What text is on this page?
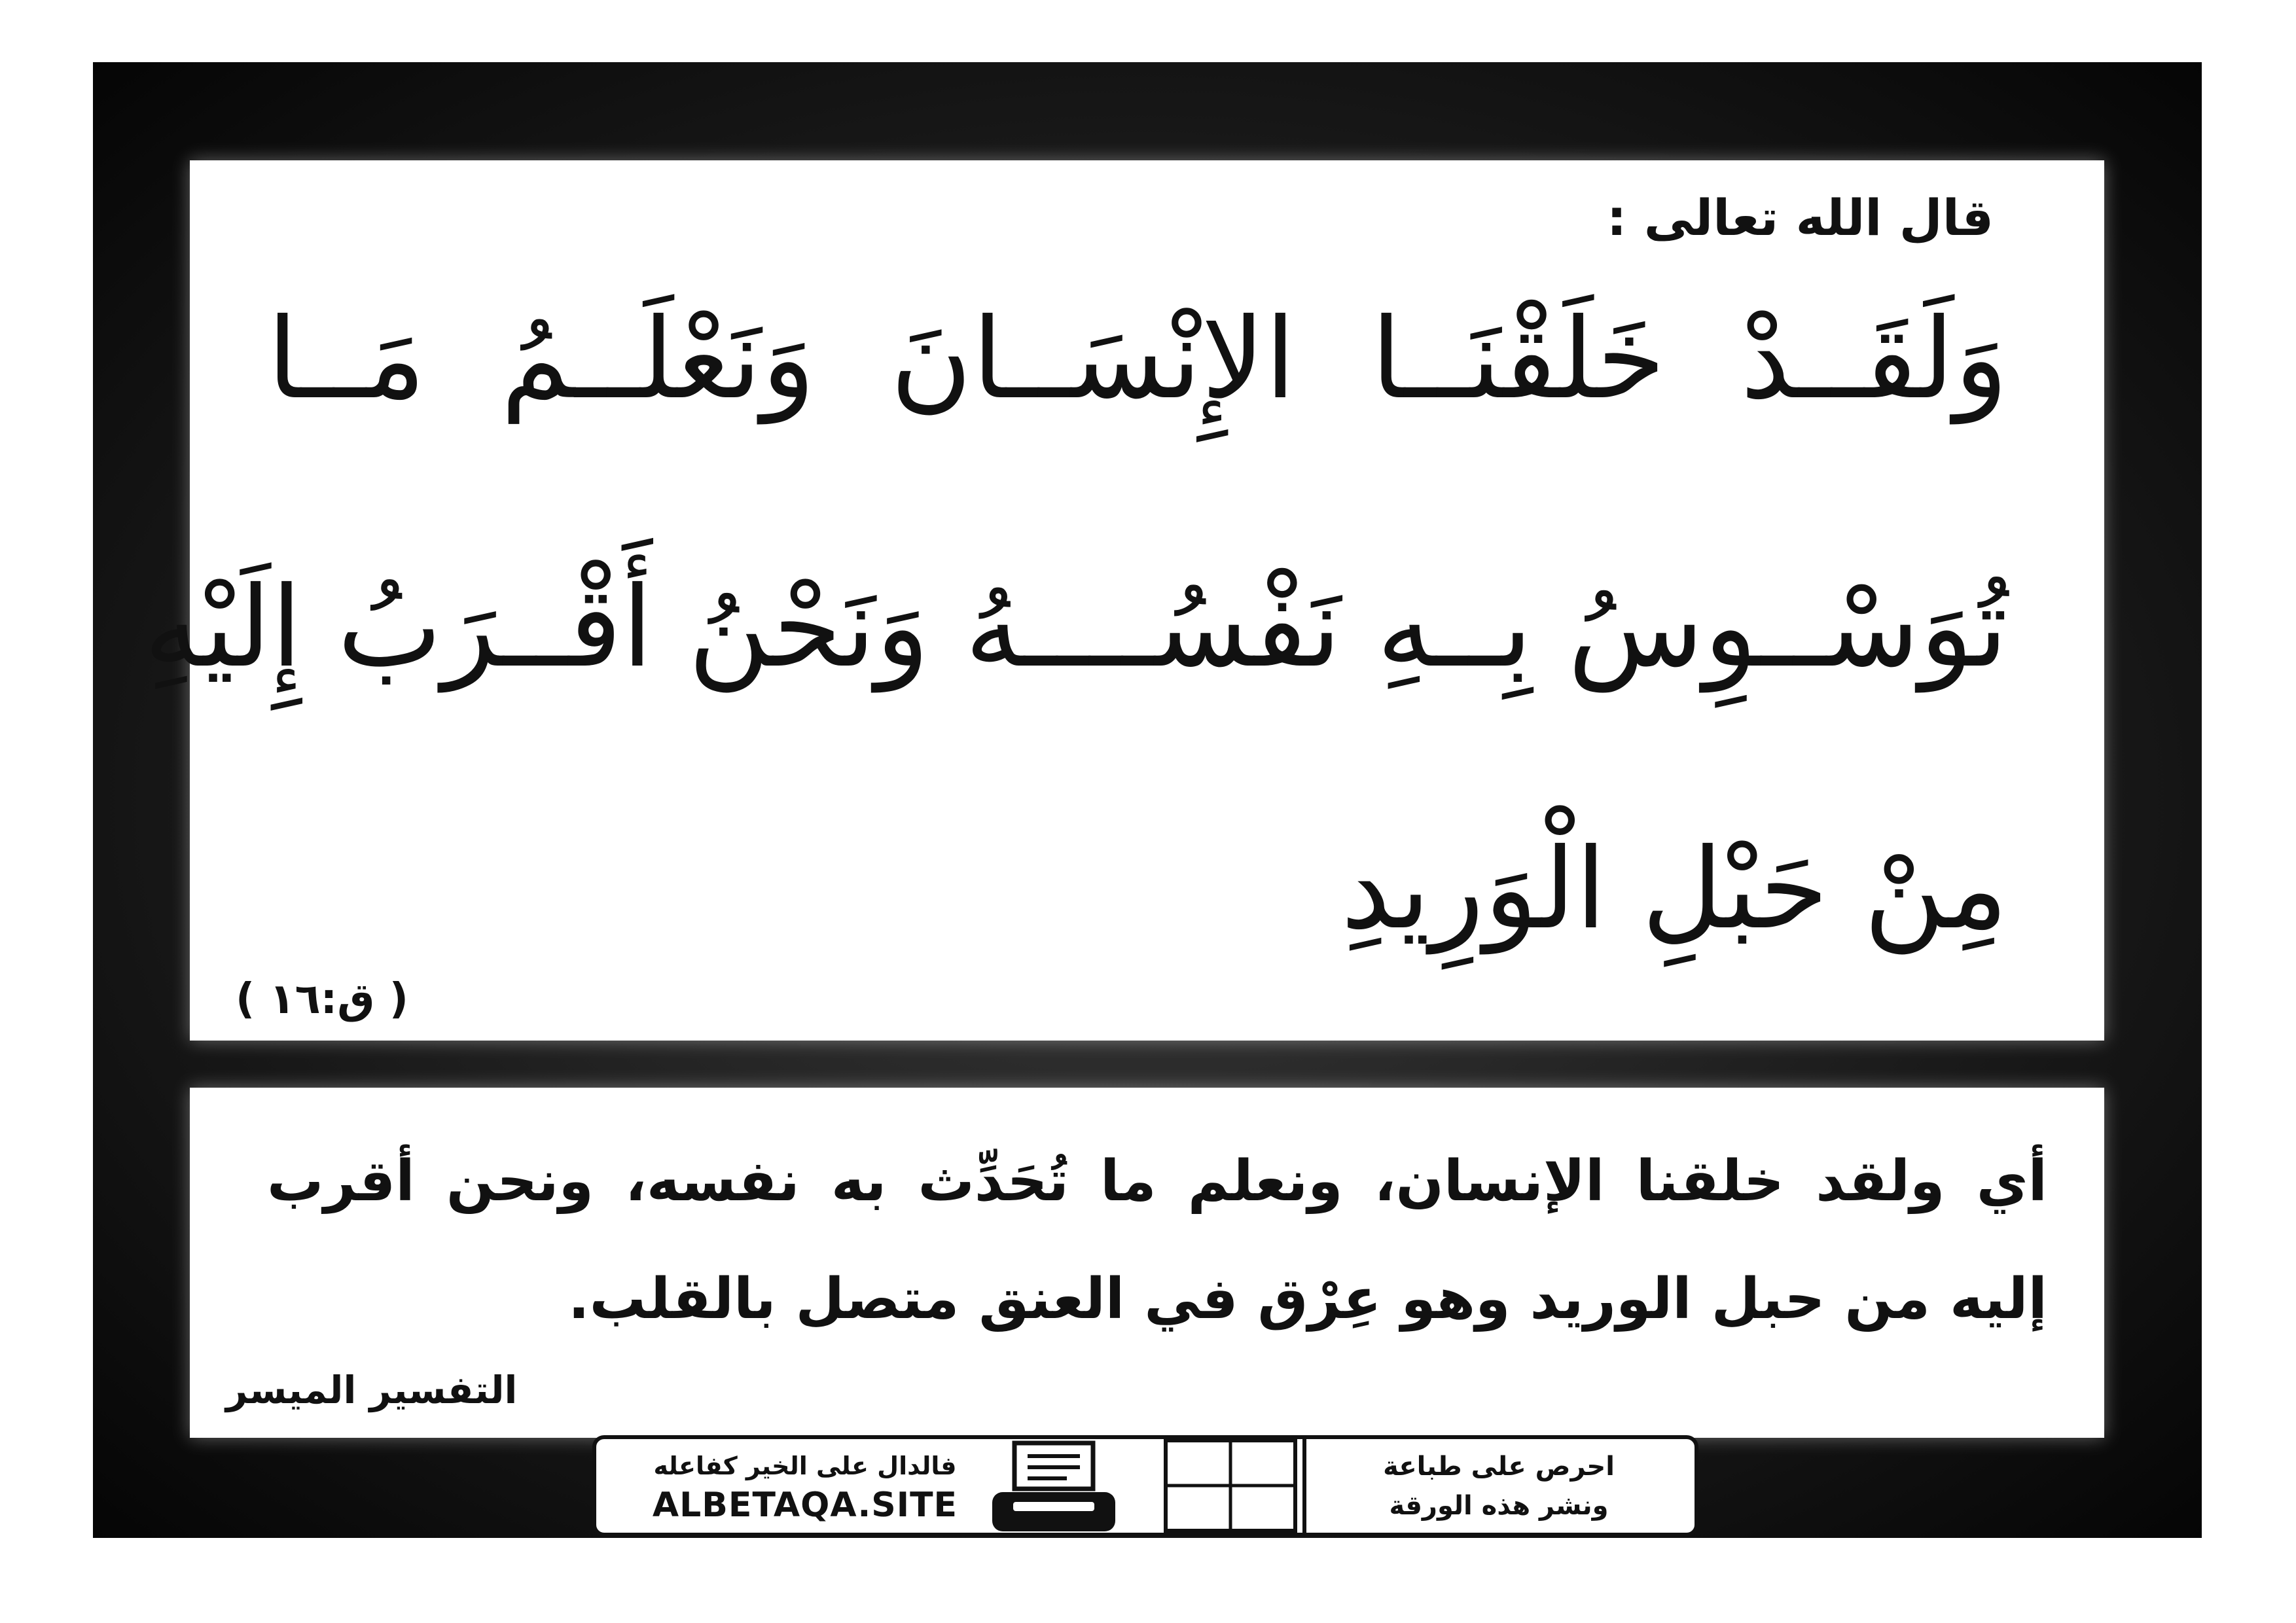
قال الله تعالى :
وَلَقَــدْ خَلَقْنَــا الإِنْسَــانَ وَنَعْلَــمُ مَــا
تُوَسْــوِسُ بِــهِ نَفْسُــــهُ وَنَحْنُ أَقْــرَبُ إِلَيْهِ
مِنْ حَبْلِ الْوَرِيدِ
( ق:١٦ )
أي ولقد خلقنا الإنسان، ونعلم ما تُحَدِّث به نفسه، ونحن أقرب
إليه من حبل الوريد وهو عِرْق في العنق متصل بالقلب.
التفسير الميسر
فالدال على الخير كفاعله
ALBETAQA.SITE
احرص على طباعة
ونشر هذه الورقة
